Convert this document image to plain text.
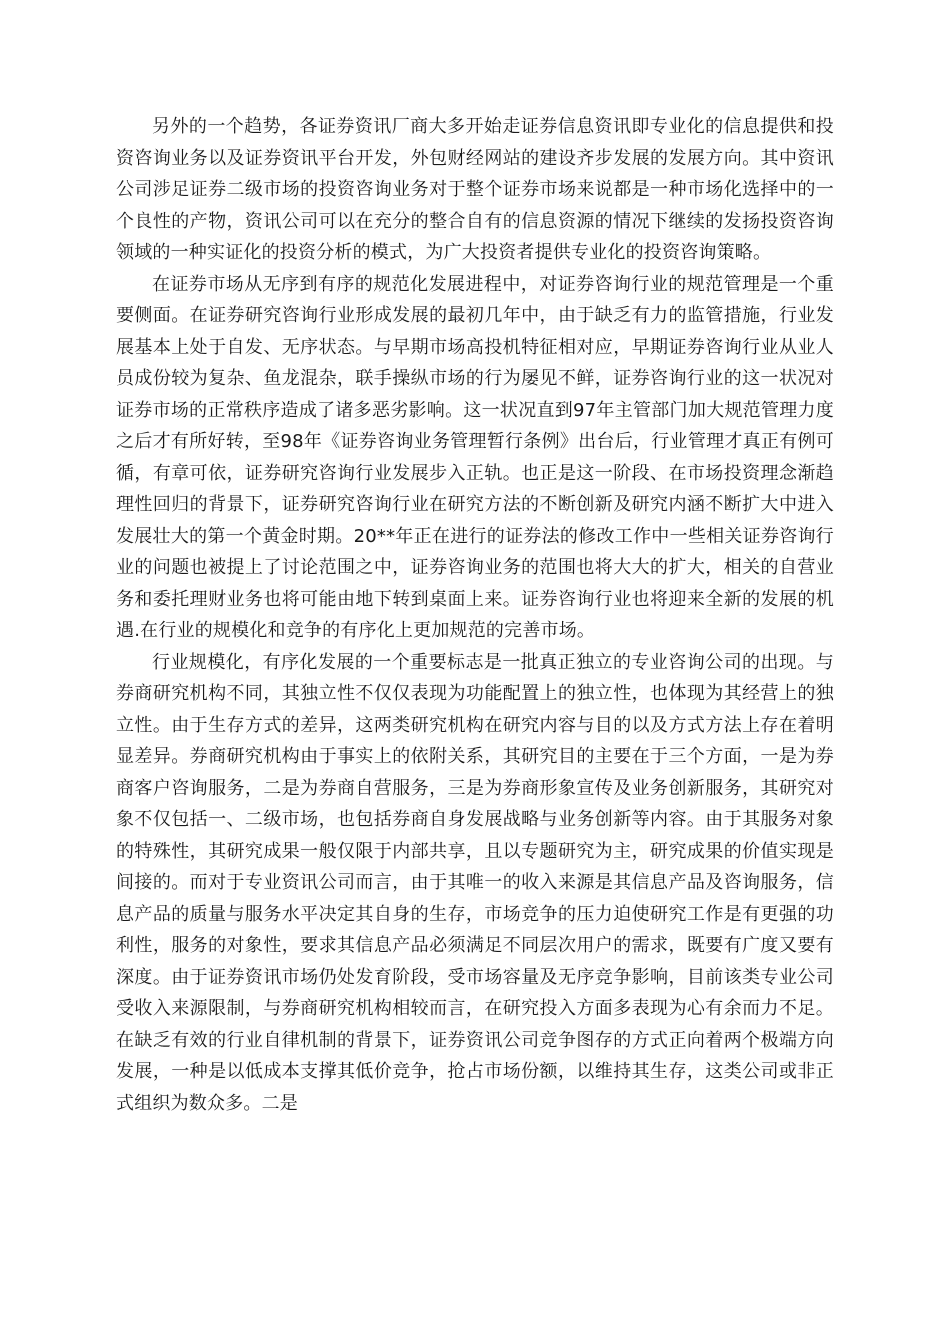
另外的一个趋势，各证券资讯厂商大多开始走证券信息资讯即专业化的信息提供和投资咨询业务以及证券资讯平台开发，外包财经网站的建设齐步发展的发展方向。其中资讯公司涉足证券二级市场的投资咨询业务对于整个证券市场来说都是一种市场化选择中的一个良性的产物，资讯公司可以在充分的整合自有的信息资源的情况下继续的发扬投资咨询领域的一种实证化的投资分析的模式，为广大投资者提供专业化的投资咨询策略。

在证券市场从无序到有序的规范化发展进程中，对证券咨询行业的规范管理是一个重要侧面。在证券研究咨询行业形成发展的最初几年中，由于缺乏有力的监管措施，行业发展基本上处于自发、无序状态。与早期市场高投机特征相对应，早期证券咨询行业从业人员成份较为复杂、鱼龙混杂，联手操纵市场的行为屡见不鲜，证券咨询行业的这一状况对证券市场的正常秩序造成了诸多恶劣影响。这一状况直到97年主管部门加大规范管理力度之后才有所好转，至98年《证券咨询业务管理暂行条例》出台后，行业管理才真正有例可循，有章可依，证券研究咨询行业发展步入正轨。也正是这一阶段、在市场投资理念渐趋理性回归的背景下，证券研究咨询行业在研究方法的不断创新及研究内涵不断扩大中进入发展壮大的第一个黄金时期。20**年正在进行的证券法的修改工作中一些相关证券咨询行业的问题也被提上了讨论范围之中，证券咨询业务的范围也将大大的扩大，相关的自营业务和委托理财业务也将可能由地下转到桌面上来。证券咨询行业也将迎来全新的发展的机遇.在行业的规模化和竞争的有序化上更加规范的完善市场。

行业规模化，有序化发展的一个重要标志是一批真正独立的专业咨询公司的出现。与券商研究机构不同，其独立性不仅仅表现为功能配置上的独立性，也体现为其经营上的独立性。由于生存方式的差异，这两类研究机构在研究内容与目的以及方式方法上存在着明显差异。券商研究机构由于事实上的依附关系，其研究目的主要在于三个方面，一是为券商客户咨询服务，二是为券商自营服务，三是为券商形象宣传及业务创新服务，其研究对象不仅包括一、二级市场，也包括券商自身发展战略与业务创新等内容。由于其服务对象的特殊性，其研究成果一般仅限于内部共享，且以专题研究为主，研究成果的价值实现是间接的。而对于专业资讯公司而言，由于其唯一的收入来源是其信息产品及咨询服务，信息产品的质量与服务水平决定其自身的生存，市场竞争的压力迫使研究工作是有更强的功利性，服务的对象性，要求其信息产品必须满足不同层次用户的需求，既要有广度又要有深度。由于证券资讯市场仍处发育阶段，受市场容量及无序竞争影响，目前该类专业公司受收入来源限制，与券商研究机构相较而言，在研究投入方面多表现为心有余而力不足。在缺乏有效的行业自律机制的背景下，证券资讯公司竞争图存的方式正向着两个极端方向发展，一种是以低成本支撑其低价竞争，抢占市场份额，以维持其生存，这类公司或非正式组织为数众多。二是
